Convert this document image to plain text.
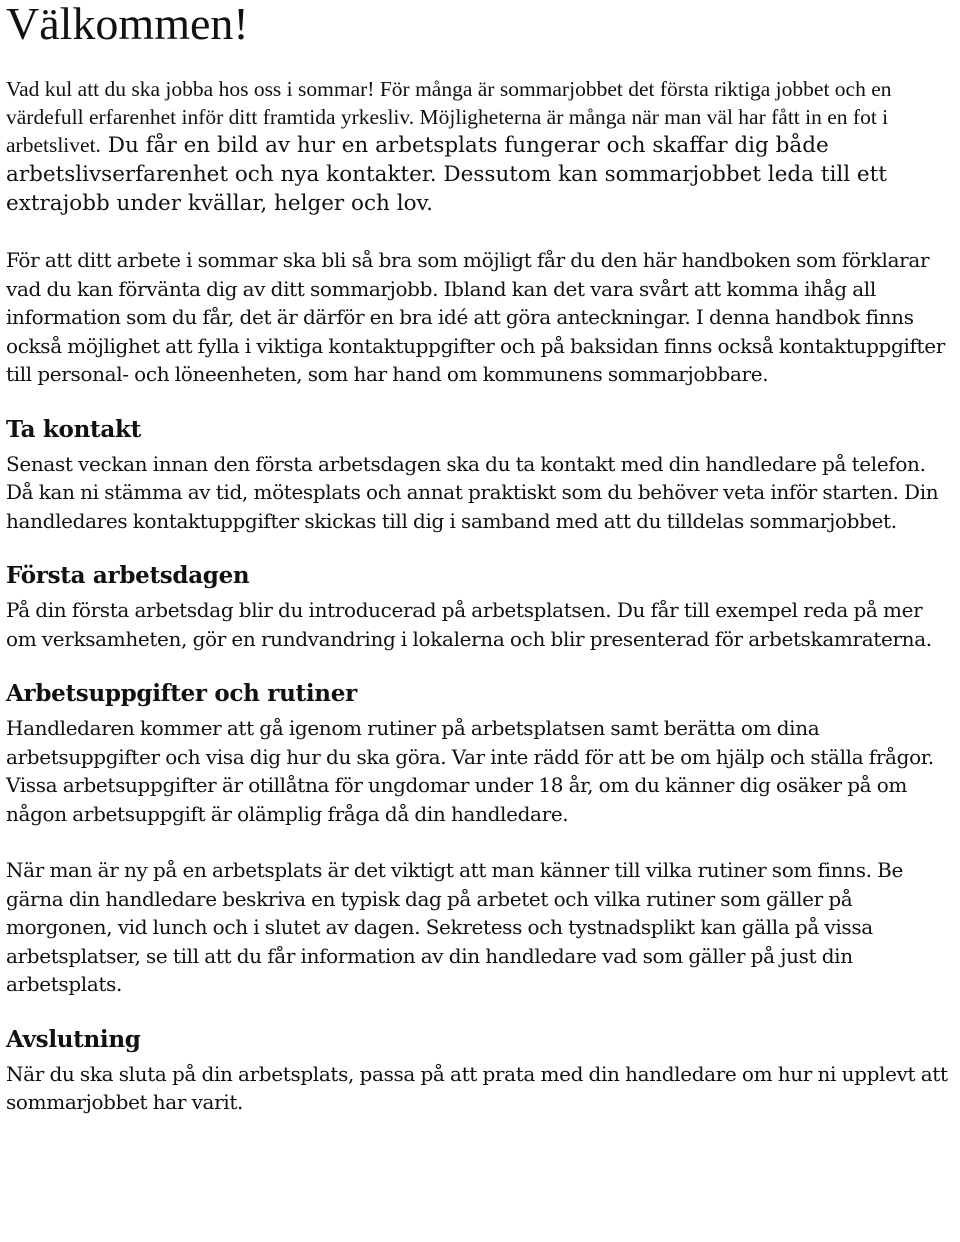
Välkommen!

Vad kul att du ska jobba hos oss i sommar! För många är sommarjobbet det första riktiga jobbet och en värdefull erfarenhet inför ditt framtida yrkesliv. Möjligheterna är många när man väl har fått in en fot i arbetslivet. Du får en bild av hur en arbetsplats fungerar och skaffar dig både arbetslivserfarenhet och nya kontakter. Dessutom kan sommarjobbet leda till ett extrajobb under kvällar, helger och lov.

För att ditt arbete i sommar ska bli så bra som möjligt får du den här handboken som förklarar vad du kan förvänta dig av ditt sommarjobb. Ibland kan det vara svårt att komma ihåg all information som du får, det är därför en bra idé att göra anteckningar. I denna handbok finns också möjlighet att fylla i viktiga kontaktuppgifter och på baksidan finns också kontaktuppgifter till personal- och löneenheten, som har hand om kommunens sommarjobbare.

Ta kontakt

Senast veckan innan den första arbetsdagen ska du ta kontakt med din handledare på telefon. Då kan ni stämma av tid, mötesplats och annat praktiskt som du behöver veta inför starten. Din handledares kontaktuppgifter skickas till dig i samband med att du tilldelas sommarjobbet.

Första arbetsdagen

På din första arbetsdag blir du introducerad på arbetsplatsen. Du får till exempel reda på mer om verksamheten, gör en rundvandring i lokalerna och blir presenterad för arbetskamraterna.

Arbetsuppgifter och rutiner

Handledaren kommer att gå igenom rutiner på arbetsplatsen samt berätta om dina arbetsuppgifter och visa dig hur du ska göra. Var inte rädd för att be om hjälp och ställa frågor. Vissa arbetsuppgifter är otillåtna för ungdomar under 18 år, om du känner dig osäker på om någon arbetsuppgift är olämplig fråga då din handledare.

När man är ny på en arbetsplats är det viktigt att man känner till vilka rutiner som finns. Be gärna din handledare beskriva en typisk dag på arbetet och vilka rutiner som gäller på morgonen, vid lunch och i slutet av dagen. Sekretess och tystnadsplikt kan gälla på vissa arbetsplatser, se till att du får information av din handledare vad som gäller på just din arbetsplats.

Avslutning

När du ska sluta på din arbetsplats, passa på att prata med din handledare om hur ni upplevt att sommarjobbet har varit.
